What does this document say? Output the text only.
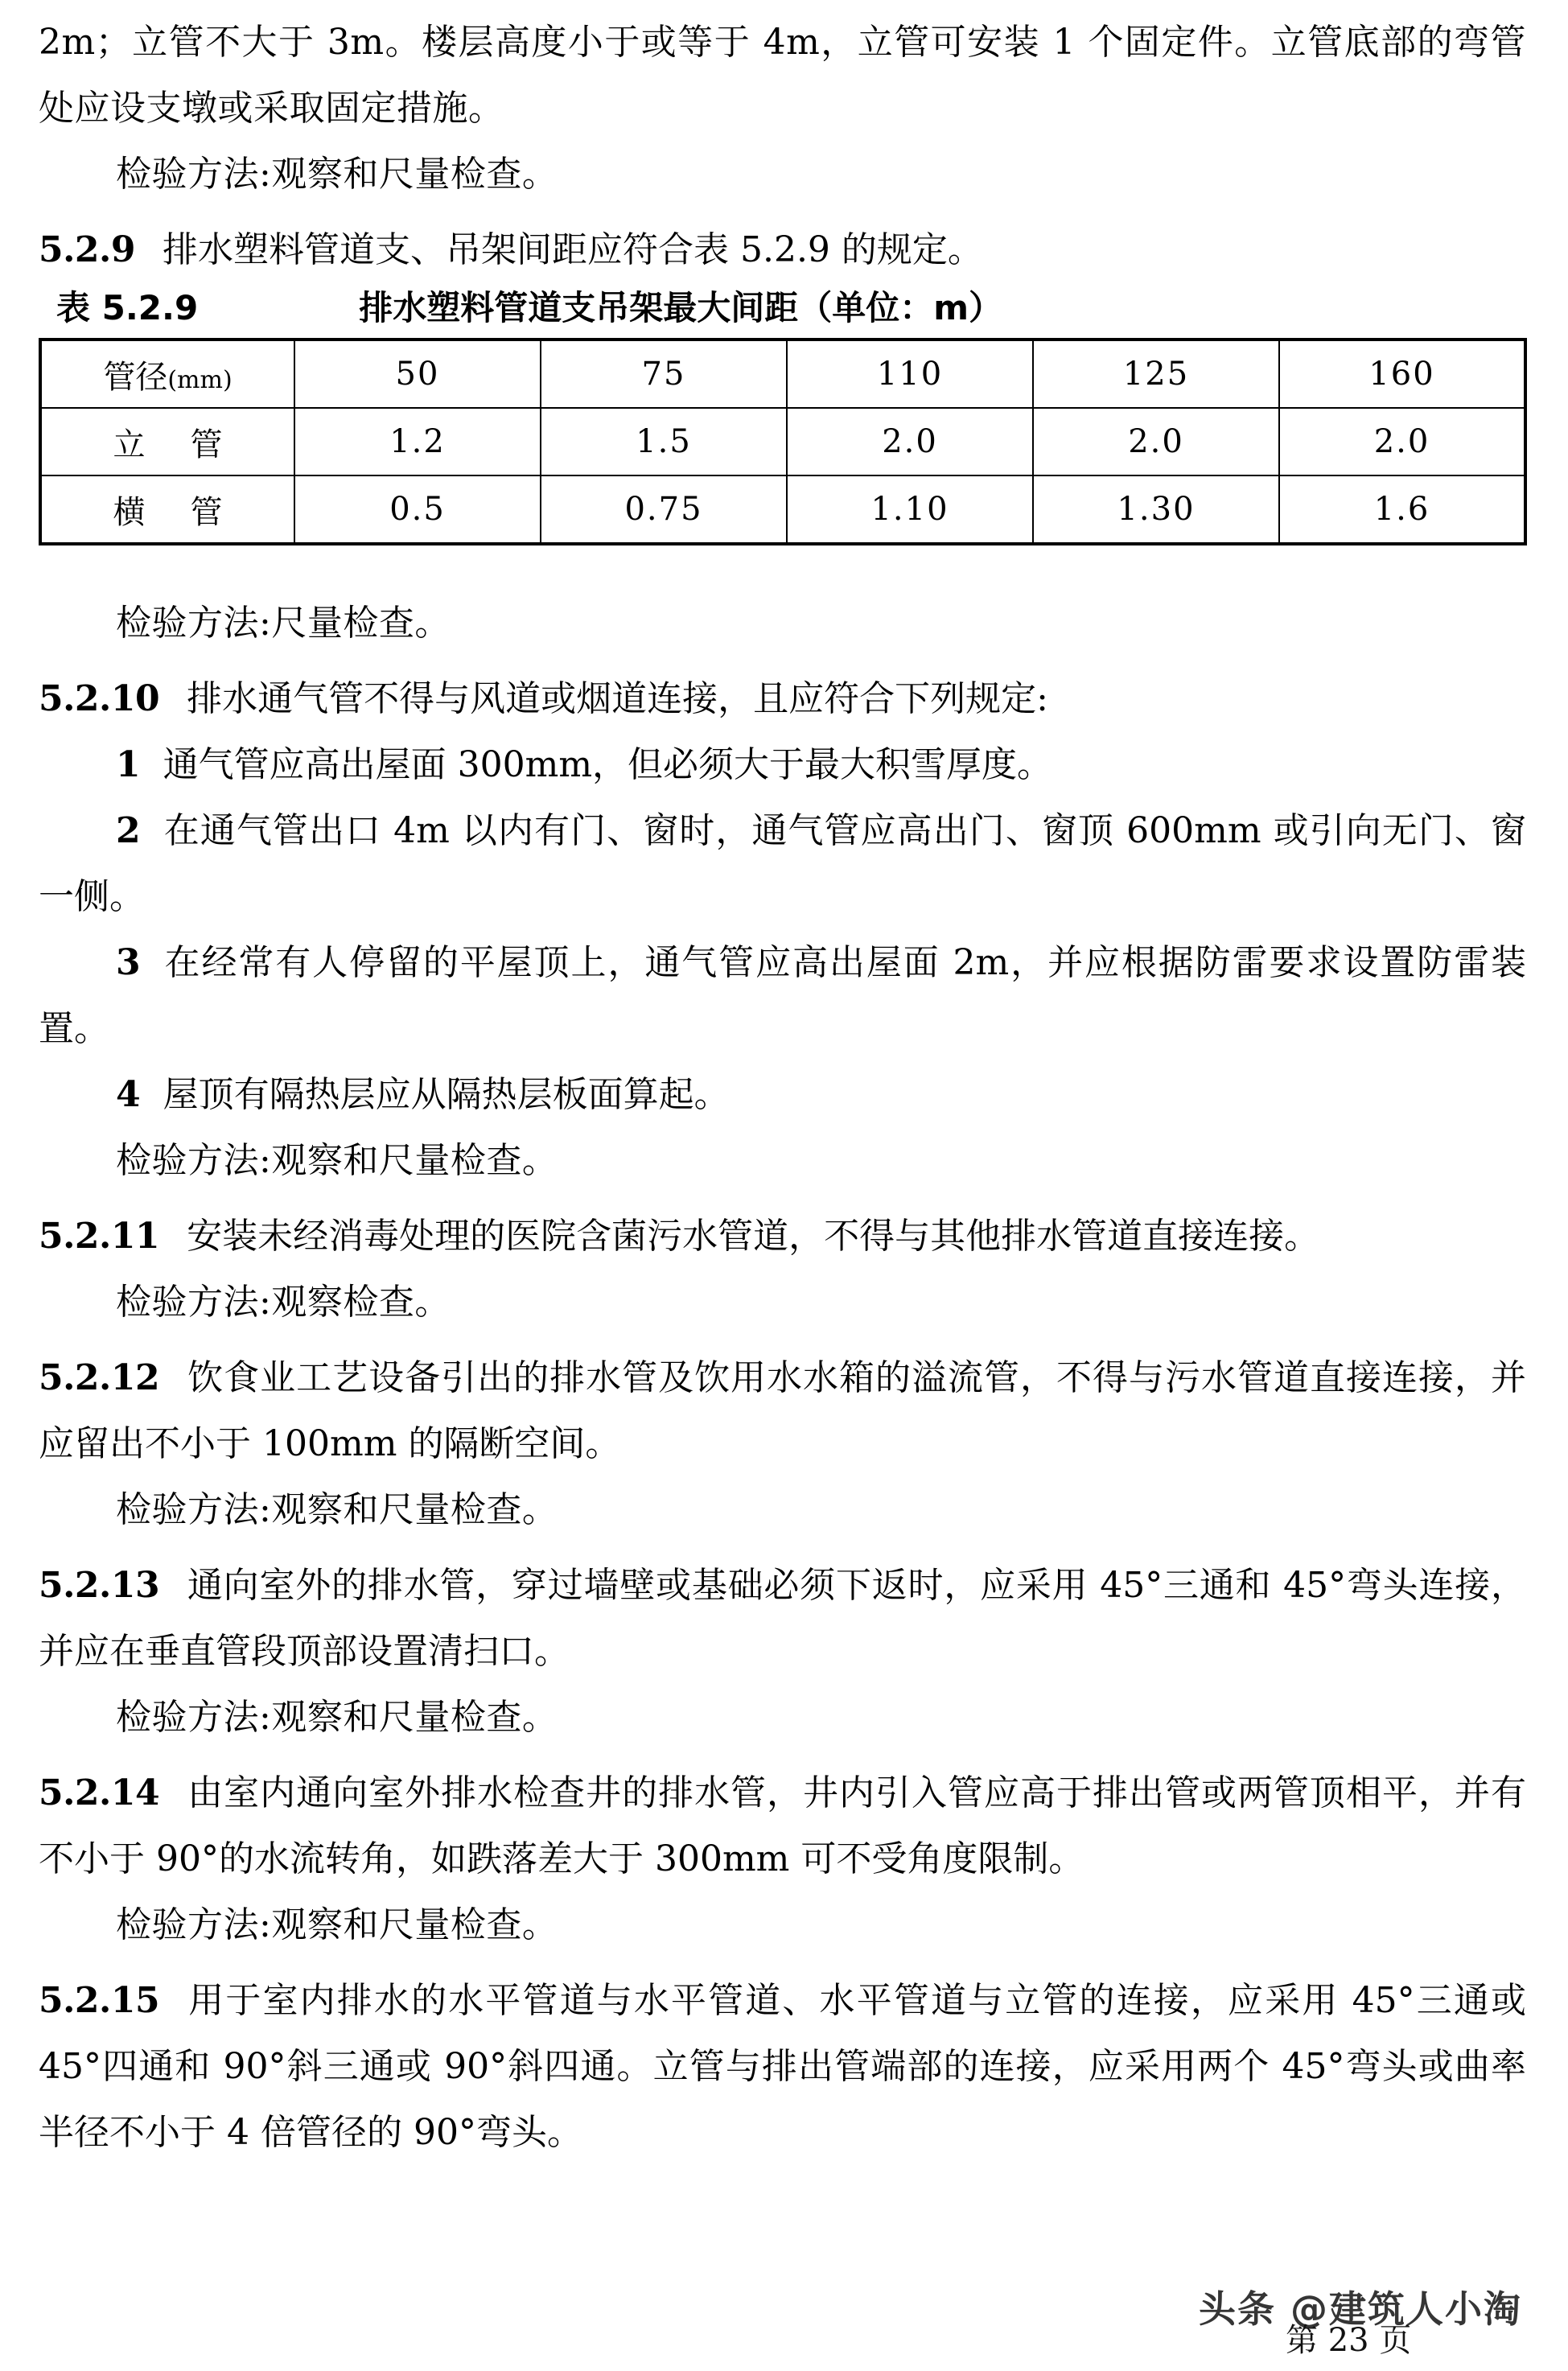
2m；立管不大于 3m。楼层高度小于或等于 4m，立管可安装 1 个固定件。立管底部的弯管处应设支墩或采取固定措施。

检验方法:观察和尺量检查。

5.2.9 排水塑料管道支、吊架间距应符合表 5.2.9 的规定。

表 5.2.9	排水塑料管道支吊架最大间距（单位：m）

管径(mm)	50	75	110	125	160
立 管	1.2	1.5	2.0	2.0	2.0
横 管	0.5	0.75	1.10	1.30	1.6

检验方法:尺量检查。

5.2.10 排水通气管不得与风道或烟道连接，且应符合下列规定:

1 通气管应高出屋面 300mm，但必须大于最大积雪厚度。

2 在通气管出口 4m 以内有门、窗时，通气管应高出门、窗顶 600mm 或引向无门、窗一侧。

3 在经常有人停留的平屋顶上，通气管应高出屋面 2m，并应根据防雷要求设置防雷装置。

4 屋顶有隔热层应从隔热层板面算起。

检验方法:观察和尺量检查。

5.2.11 安装未经消毒处理的医院含菌污水管道，不得与其他排水管道直接连接。

检验方法:观察检查。

5.2.12 饮食业工艺设备引出的排水管及饮用水水箱的溢流管，不得与污水管道直接连接，并应留出不小于 100mm 的隔断空间。

检验方法:观察和尺量检查。

5.2.13 通向室外的排水管，穿过墙壁或基础必须下返时，应采用 45°三通和 45°弯头连接，并应在垂直管段顶部设置清扫口。

检验方法:观察和尺量检查。

5.2.14 由室内通向室外排水检查井的排水管，井内引入管应高于排出管或两管顶相平，并有不小于 90°的水流转角，如跌落差大于 300mm 可不受角度限制。

检验方法:观察和尺量检查。

5.2.15 用于室内排水的水平管道与水平管道、水平管道与立管的连接，应采用 45°三通或 45°四通和 90°斜三通或 90°斜四通。立管与排出管端部的连接，应采用两个 45°弯头或曲率半径不小于 4 倍管径的 90°弯头。

头条 @建筑人小淘
第 23 页
